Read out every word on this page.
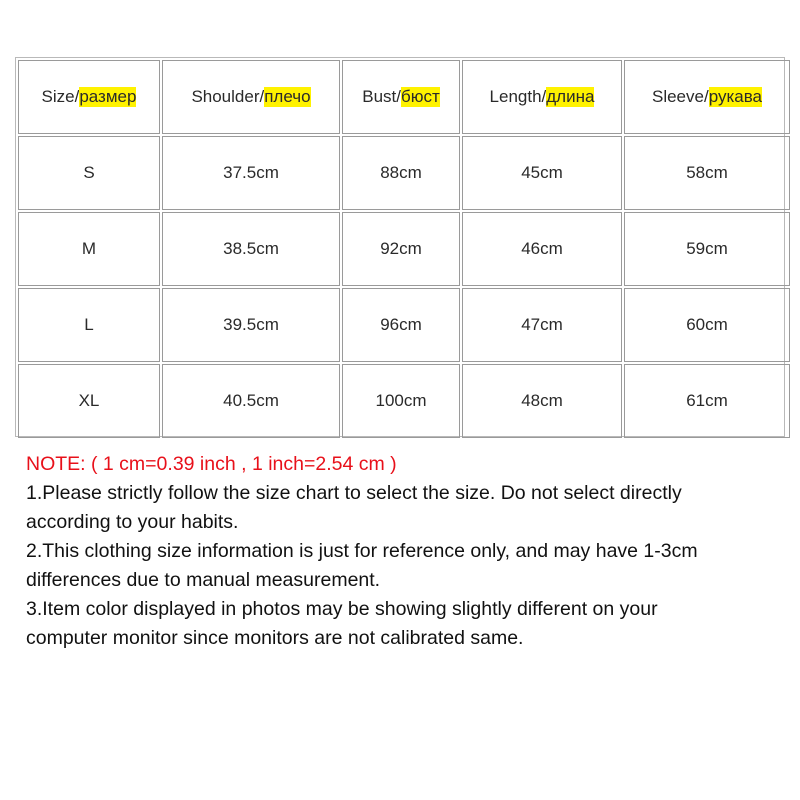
Size/ размер	Shoulder/ плечо	Bust/ бюст	Length/ длина	Sleeve/ рукава
S	37.5cm	88cm	45cm	58cm
M	38.5cm	92cm	46cm	59cm
L	39.5cm	96cm	47cm	60cm
XL	40.5cm	100cm	48cm	61cm
NOTE: ( 1 cm=0.39 inch , 1 inch=2.54 cm )
1.Please strictly follow the size chart to select the size. Do not select directly
according to your habits.
2.This clothing size information is just for reference only, and may have 1-3cm
differences due to manual measurement.
3.Item color displayed in photos may be showing slightly different on your
computer monitor since monitors are not calibrated same.
